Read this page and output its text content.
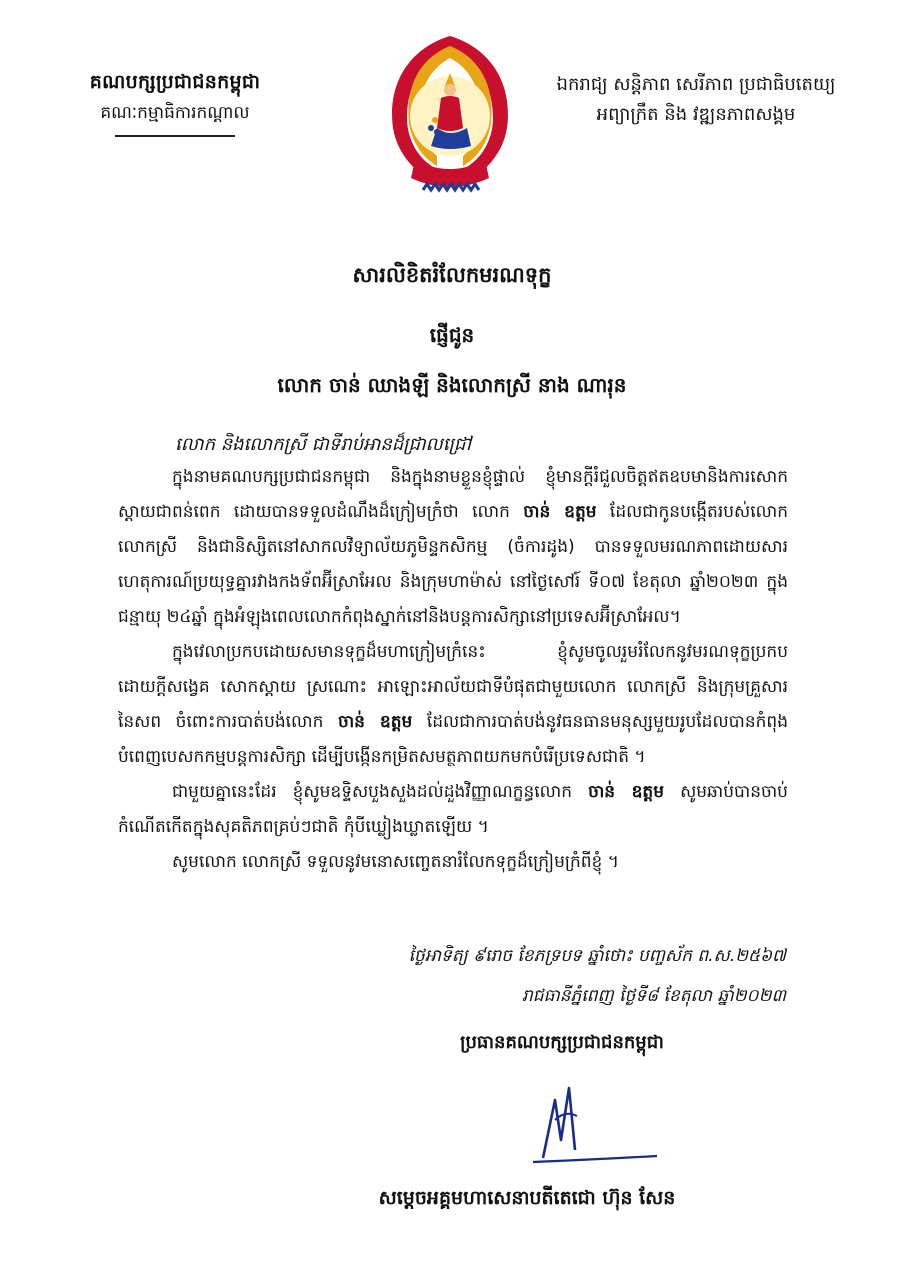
គណបក្សប្រជាជនកម្ពុជា
គណៈកម្មាធិការកណ្តាល
ឯករាជ្យ សន្តិភាព សេរីភាព ប្រជាធិបតេយ្យ
អព្យាក្រឹត និង វឌ្ឍនភាពសង្គម
សារលិខិតរំលែកមរណទុក្ខ
ផ្ញើជូន
លោក ចាន់ ឈាងឡី និងលោកស្រី នាង ណារុន
លោក និងលោកស្រី ជាទីរាប់អានដ៏ជ្រាលជ្រៅ

ក្នុងនាមគណបក្សប្រជាជនកម្ពុជា និងក្នុងនាមខ្លួនខ្ញុំផ្ទាល់ ខ្ញុំមានក្តីរំជួលចិត្តឥតឧបមានិងការសោកស្តាយជាពន់ពេក ដោយបានទទួលដំណឹងដ៏ក្រៀមក្រំថា លោក ចាន់ ឧត្តម ដែលជាកូនបង្កើតរបស់លោក លោកស្រី និងជានិស្សិតនៅសាកលវិទ្យាល័យភូមិន្ទកសិកម្ម (ចំការដូង) បានទទួលមរណភាពដោយសារហេតុការណ៍ប្រយុទ្ធគ្នារវាងកងទ័ពអ៊ីស្រាអែល និងក្រុមហាម៉ាស់ នៅថ្ងៃសៅរ៍ ទី០៧ ខែតុលា ឆ្នាំ២០២៣ ក្នុងជន្មាយុ ២៤ឆ្នាំ ក្នុងអំឡុងពេលលោកកំពុងស្នាក់នៅនិងបន្តការសិក្សានៅប្រទេសអ៊ីស្រាអែល។

ក្នុងវេលាប្រកបដោយសមានទុក្ខដ៏មហាក្រៀមក្រំនេះ ខ្ញុំសូមចូលរួមរំលែកនូវមរណទុក្ខប្រកបដោយក្តីសង្វេគ សោកស្តាយ ស្រណោះ អាឡោះអាល័យជាទីបំផុតជាមួយលោក លោកស្រី និងក្រុមគ្រួសារនៃសព ចំពោះការបាត់បង់លោក ចាន់ ឧត្តម ដែលជាការបាត់បង់នូវធនធានមនុស្សមួយរូបដែលបានកំពុងបំពេញបេសកកម្មបន្តការសិក្សា ដើម្បីបង្កើនកម្រិតសមត្ថភាពយកមកបំរើប្រទេសជាតិ ។

ជាមួយគ្នានេះដែរ ខ្ញុំសូមឧទ្ទិសបួងសួងដល់ដួងវិញ្ញាណក្ខន្ធលោក ចាន់ ឧត្តម សូមឆាប់បានចាប់កំណើតកើតក្នុងសុគតិភពគ្រប់ៗជាតិ កុំបីឃ្លៀងឃ្លាតឡើយ ។

សូមលោក លោកស្រី ទទួលនូវមនោសញ្ចេតនារំលែកទុក្ខដ៏ក្រៀមក្រំពីខ្ញុំ ។

ថ្ងៃអាទិត្យ ៩រោច ខែភទ្របទ ឆ្នាំថោះ បញ្ចស័ក ព.ស.២៥៦៧
រាជធានីភ្នំពេញ ថ្ងៃទី៨ ខែតុលា ឆ្នាំ២០២៣
ប្រធានគណបក្សប្រជាជនកម្ពុជា
សម្តេចអគ្គមហាសេនាបតីតេជោ ហ៊ុន សែន
